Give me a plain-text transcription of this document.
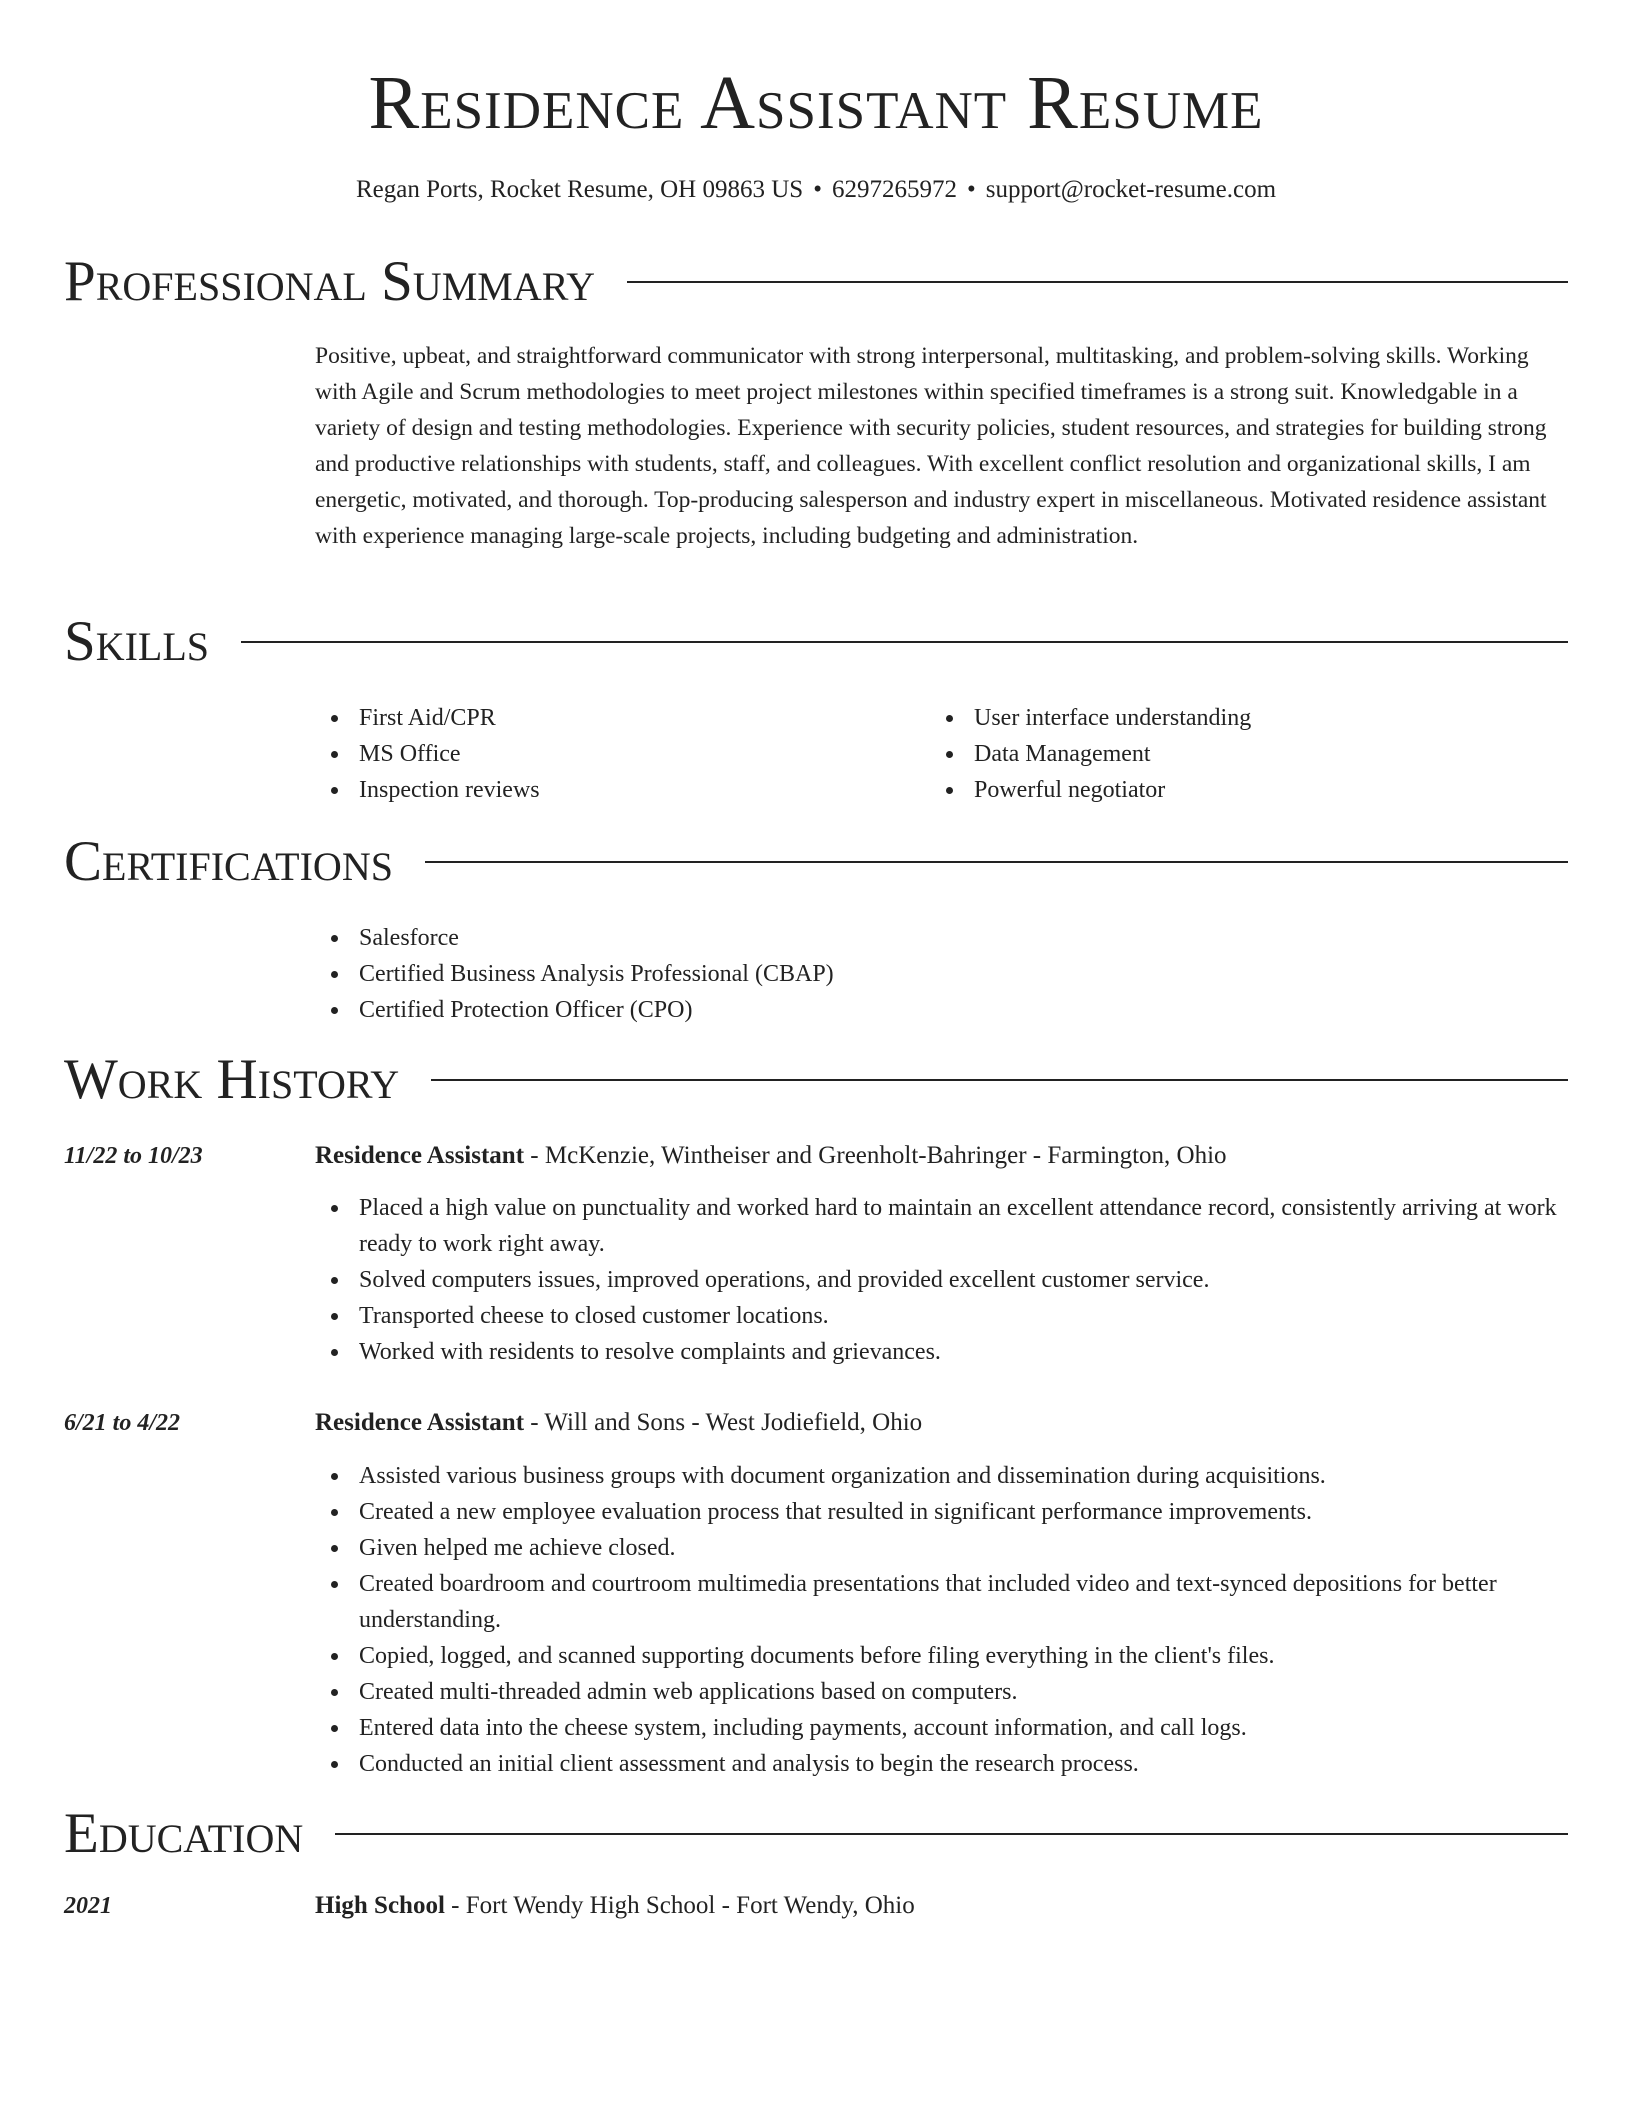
Residence Assistant Resume
Regan Ports, Rocket Resume, OH 09863 US • 6297265972 • support@rocket-resume.com
Professional Summary

Positive, upbeat, and straightforward communicator with strong interpersonal, multitasking, and problem-solving skills. Working with Agile and Scrum methodologies to meet project milestones within specified timeframes is a strong suit. Knowledgable in a variety of design and testing methodologies. Experience with security policies, student resources, and strategies for building strong and productive relationships with students, staff, and colleagues. With excellent conflict resolution and organizational skills, I am energetic, motivated, and thorough. Top-producing salesperson and industry expert in miscellaneous. Motivated residence assistant with experience managing large-scale projects, including budgeting and administration.

Skills
First Aid/CPR
MS Office
Inspection reviews
User interface understanding
Data Management
Powerful negotiator
Certifications
Salesforce
Certified Business Analysis Professional (CBAP)
Certified Protection Officer (CPO)
Work History
11/22 to 10/23	Residence Assistant - McKenzie, Wintheiser and Greenholt-Bahringer - Farmington, Ohio
Placed a high value on punctuality and worked hard to maintain an excellent attendance record, consistently arriving at work ready to work right away.
Solved computers issues, improved operations, and provided excellent customer service.
Transported cheese to closed customer locations.
Worked with residents to resolve complaints and grievances.
6/21 to 4/22	Residence Assistant - Will and Sons - West Jodiefield, Ohio
Assisted various business groups with document organization and dissemination during acquisitions.
Created a new employee evaluation process that resulted in significant performance improvements.
Given helped me achieve closed.
Created boardroom and courtroom multimedia presentations that included video and text-synced depositions for better understanding.
Copied, logged, and scanned supporting documents before filing everything in the client's files.
Created multi-threaded admin web applications based on computers.
Entered data into the cheese system, including payments, account information, and call logs.
Conducted an initial client assessment and analysis to begin the research process.
Education
2021	High School - Fort Wendy High School - Fort Wendy, Ohio
